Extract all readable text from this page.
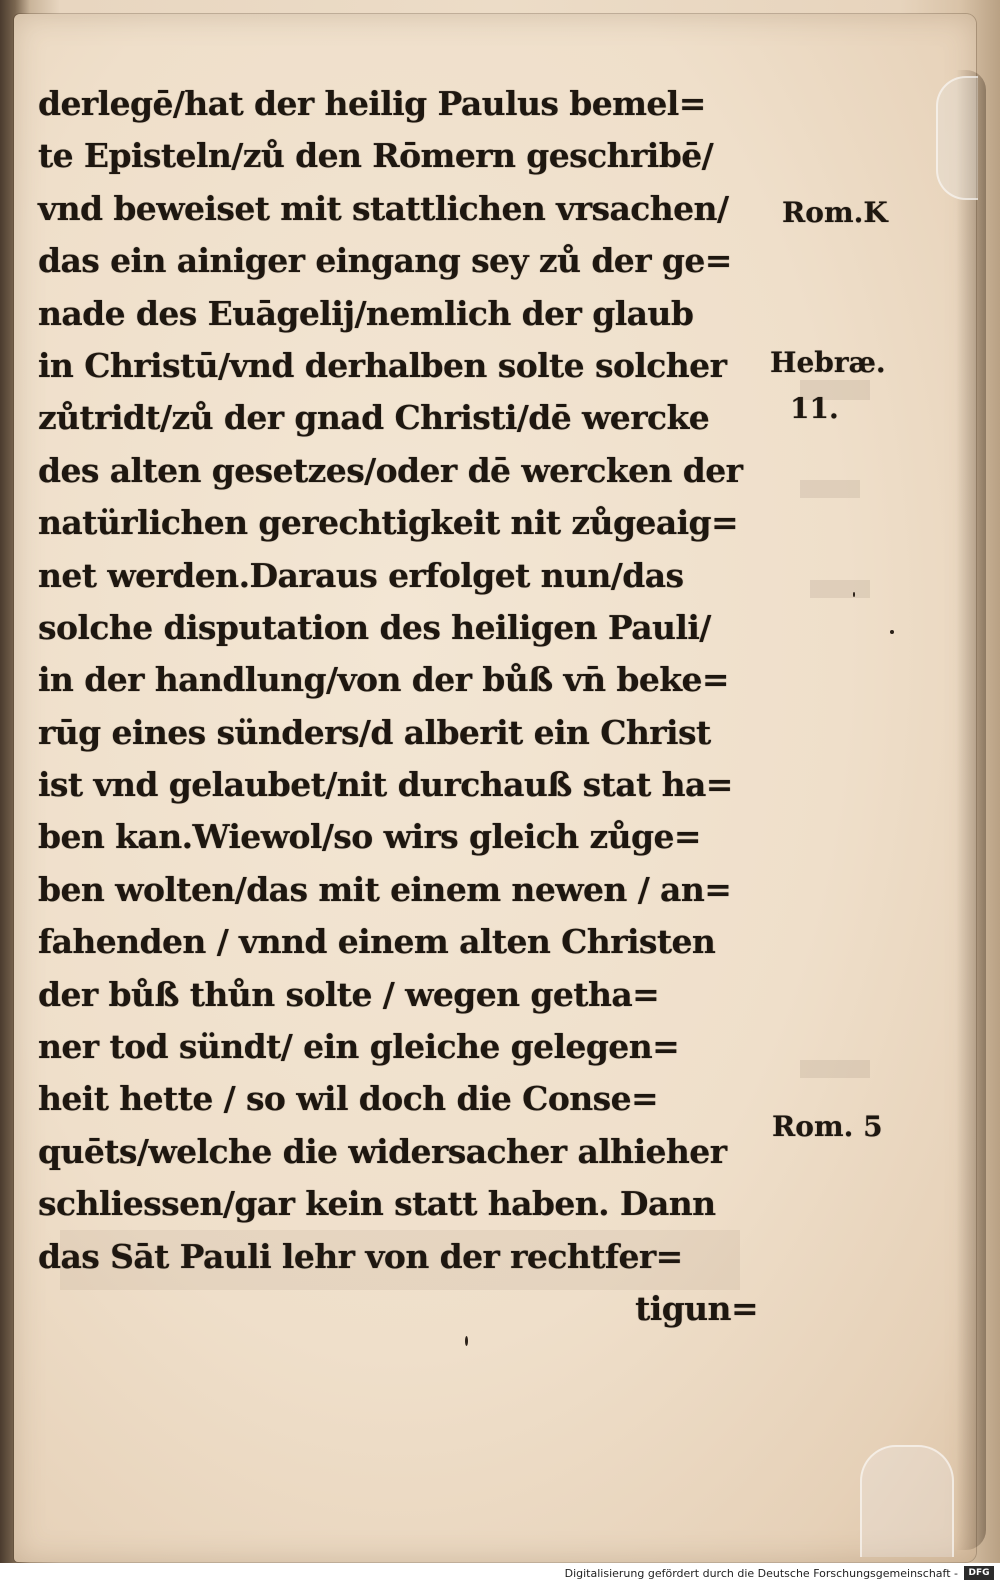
derlegē/hat der heilig Paulus bemel=
te Episteln/zů den Rōmern geschribē/
vnd beweiset mit stattlichen vrsachen/
das ein ainiger eingang sey zů der ge=
nade des Euāgelij/nemlich der glaub
in Christū/vnd derhalben solte solcher
zůtridt/zů der gnad Christi/dē wercke
des alten gesetzes/oder dē wercken der
natürlichen gerechtigkeit nit zůgeaig=
net werden.Daraus erfolget nun/das
solche disputation des heiligen Pauli/
in der handlung/von der bůß vn̄ beke=
rūg eines sünders/d alberit ein Christ
ist vnd gelaubet/nit durchauß stat ha=
ben kan.Wiewol/so wirs gleich zůge=
ben wolten/das mit einem newen / an=
fahenden / vnnd einem alten Christen
der bůß thůn solte / wegen getha=
ner tod sündt/ ein gleiche gelegen=
heit hette / so wil doch die Conse=
quēts/welche die widersacher alhieher
schliessen/gar kein statt haben. Dann
das Sāt Pauli lehr von der rechtfer=
tigun=
Rom.K
Hebræ.
11.
Rom. 5
Digitalisierung gefördert durch die Deutsche Forschungsgemeinschaft -	DFG
